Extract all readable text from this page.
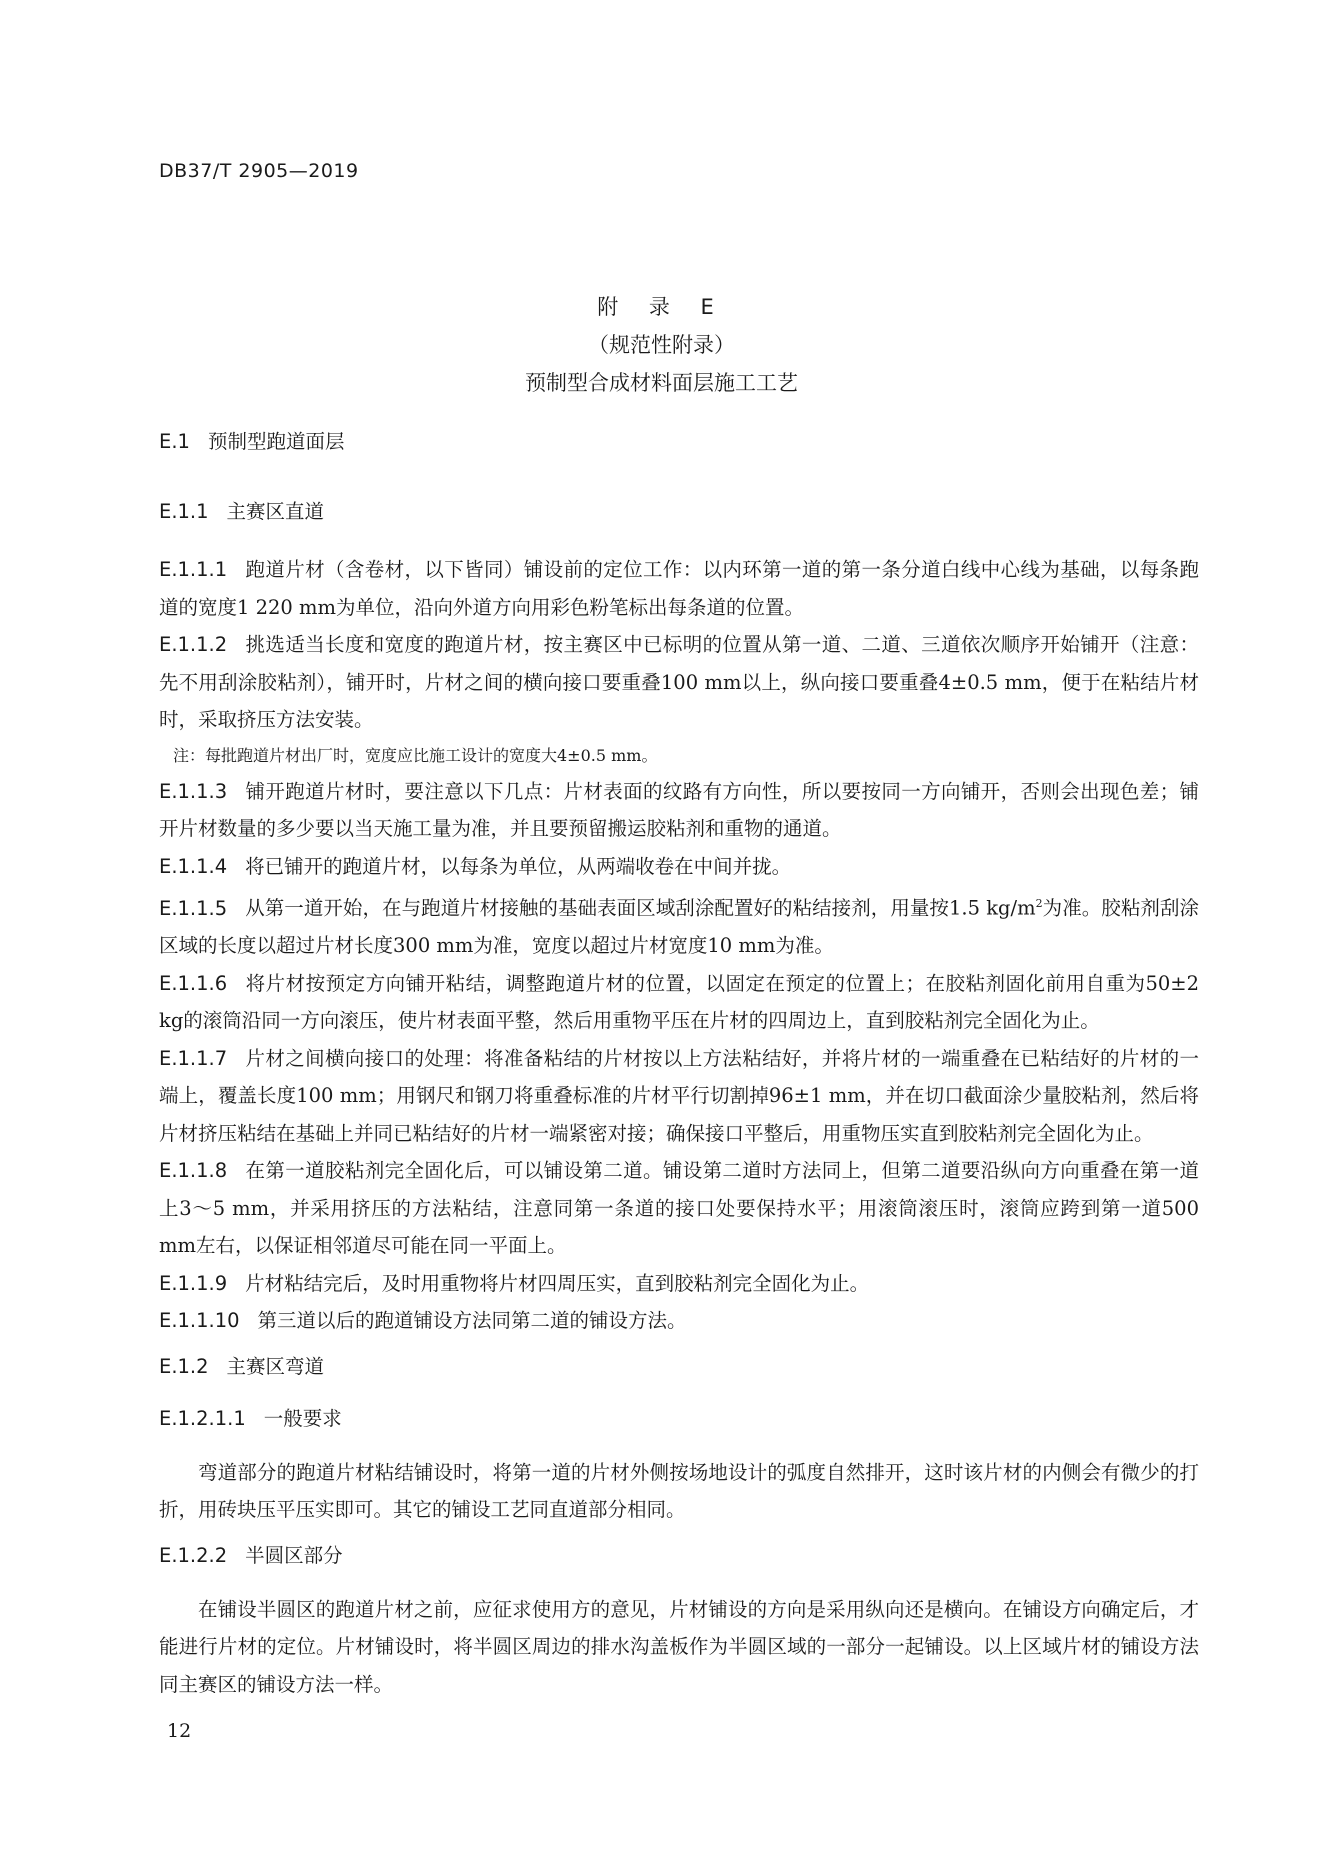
DB37/T 2905—2019
附 录 E
（规范性附录）
预制型合成材料面层施工工艺
E.1 预制型跑道面层
E.1.1 主赛区直道

E.1.1.1 跑道片材（含卷材，以下皆同）铺设前的定位工作：以内环第一道的第一条分道白线中心线为基础，以每条跑道的宽度1 220 mm为单位，沿向外道方向用彩色粉笔标出每条道的位置。

E.1.1.2 挑选适当长度和宽度的跑道片材，按主赛区中已标明的位置从第一道、二道、三道依次顺序开始铺开（注意：先不用刮涂胶粘剂），铺开时，片材之间的横向接口要重叠100 mm以上，纵向接口要重叠4±0.5 mm，便于在粘结片材时，采取挤压方法安装。

注：每批跑道片材出厂时，宽度应比施工设计的宽度大4±0.5 mm。

E.1.1.3 铺开跑道片材时，要注意以下几点：片材表面的纹路有方向性，所以要按同一方向铺开，否则会出现色差；铺开片材数量的多少要以当天施工量为准，并且要预留搬运胶粘剂和重物的通道。

E.1.1.4 将已铺开的跑道片材，以每条为单位，从两端收卷在中间并拢。

E.1.1.5 从第一道开始，在与跑道片材接触的基础表面区域刮涂配置好的粘结接剂，用量按1.5 $kg/m^2$为准。胶粘剂刮涂区域的长度以超过片材长度300 mm为准，宽度以超过片材宽度10 mm为准。

E.1.1.6 将片材按预定方向铺开粘结，调整跑道片材的位置，以固定在预定的位置上；在胶粘剂固化前用自重为50±2 kg的滚筒沿同一方向滚压，使片材表面平整，然后用重物平压在片材的四周边上，直到胶粘剂完全固化为止。

E.1.1.7 片材之间横向接口的处理：将准备粘结的片材按以上方法粘结好，并将片材的一端重叠在已粘结好的片材的一端上，覆盖长度100 mm；用钢尺和钢刀将重叠标准的片材平行切割掉96±1 mm，并在切口截面涂少量胶粘剂，然后将片材挤压粘结在基础上并同已粘结好的片材一端紧密对接；确保接口平整后，用重物压实直到胶粘剂完全固化为止。

E.1.1.8 在第一道胶粘剂完全固化后，可以铺设第二道。铺设第二道时方法同上，但第二道要沿纵向方向重叠在第一道上3～5 mm，并采用挤压的方法粘结，注意同第一条道的接口处要保持水平；用滚筒滚压时，滚筒应跨到第一道500 mm左右，以保证相邻道尽可能在同一平面上。

E.1.1.9 片材粘结完后，及时用重物将片材四周压实，直到胶粘剂完全固化为止。

E.1.1.10 第三道以后的跑道铺设方法同第二道的铺设方法。

E.1.2 主赛区弯道
E.1.2.1.1 一般要求

弯道部分的跑道片材粘结铺设时，将第一道的片材外侧按场地设计的弧度自然排开，这时该片材的内侧会有微少的打折，用砖块压平压实即可。其它的铺设工艺同直道部分相同。

E.1.2.2 半圆区部分

在铺设半圆区的跑道片材之前，应征求使用方的意见，片材铺设的方向是采用纵向还是横向。在铺设方向确定后，才能进行片材的定位。片材铺设时，将半圆区周边的排水沟盖板作为半圆区域的一部分一起铺设。以上区域片材的铺设方法同主赛区的铺设方法一样。

12
